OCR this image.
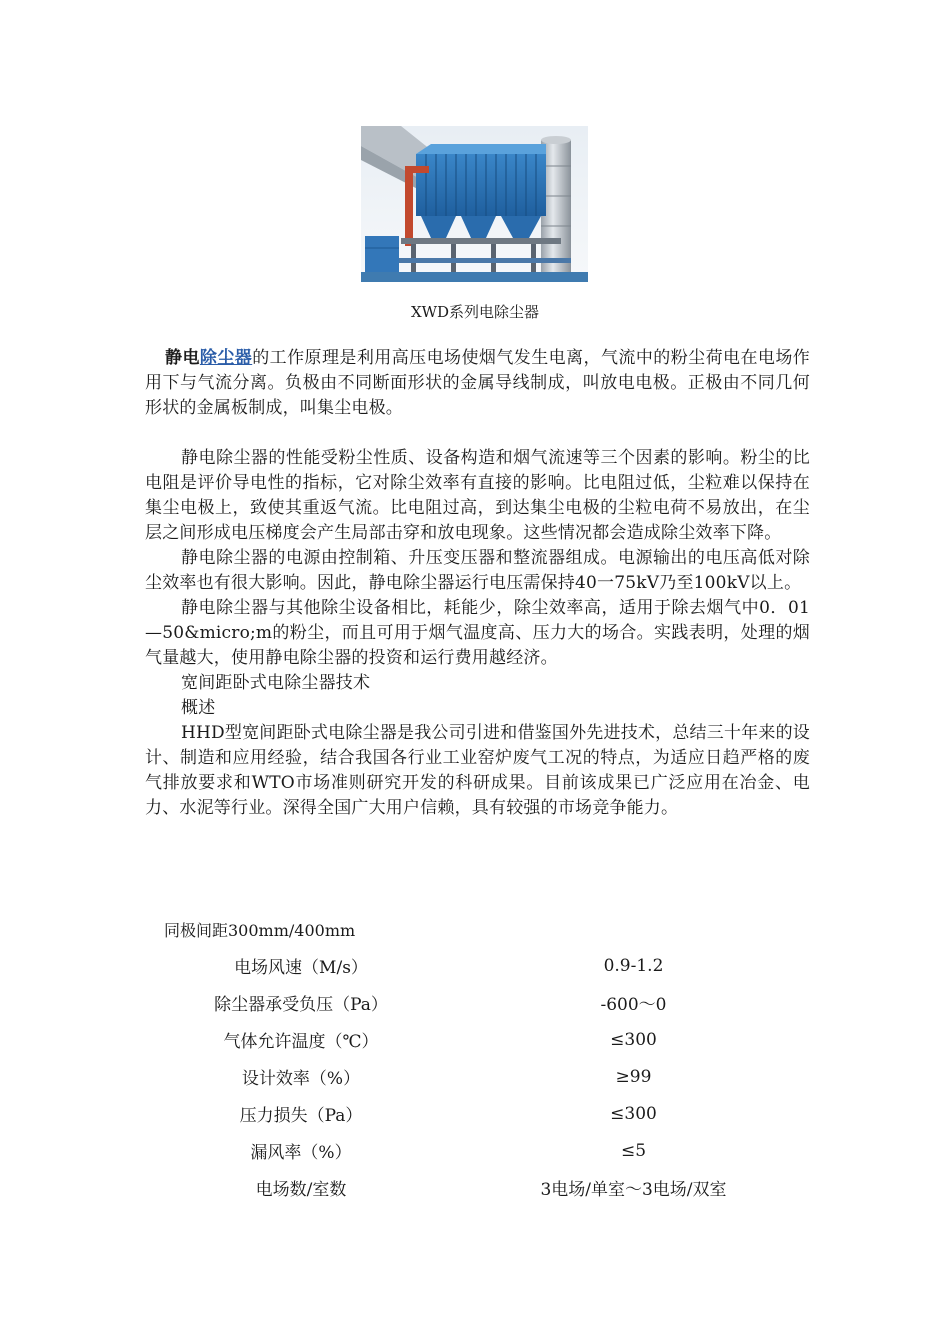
XWD系列电除尘器

静电除尘器的工作原理是利用高压电场使烟气发生电离，气流中的粉尘荷电在电场作用下与气流分离。负极由不同断面形状的金属导线制成，叫放电电极。正极由不同几何形状的金属板制成，叫集尘电极。

静电除尘器的性能受粉尘性质、设备构造和烟气流速等三个因素的影响。粉尘的比电阻是评价导电性的指标，它对除尘效率有直接的影响。比电阻过低，尘粒难以保持在集尘电极上，致使其重返气流。比电阻过高，到达集尘电极的尘粒电荷不易放出，在尘层之间形成电压梯度会产生局部击穿和放电现象。这些情况都会造成除尘效率下降。

静电除尘器的电源由控制箱、升压变压器和整流器组成。电源输出的电压高低对除尘效率也有很大影响。因此，静电除尘器运行电压需保持40一75kV乃至100kV以上。

静电除尘器与其他除尘设备相比，耗能少，除尘效率高，适用于除去烟气中0．01—50&micro;m的粉尘，而且可用于烟气温度高、压力大的场合。实践表明，处理的烟气量越大，使用静电除尘器的投资和运行费用越经济。

宽间距卧式电除尘器技术

概述

HHD型宽间距卧式电除尘器是我公司引进和借鉴国外先进技术，总结三十年来的设计、制造和应用经验，结合我国各行业工业窑炉废气工况的特点，为适应日趋严格的废气排放要求和WTO市场准则研究开发的科研成果。目前该成果已广泛应用在冶金、电力、水泥等行业。深得全国广大用户信赖，具有较强的市场竞争能力。

同极间距300mm/400mm
电场风速（M/s）	0.9-1.2
除尘器承受负压（Pa）	-600～0
气体允许温度（℃）	≤300
设计效率（%）	≥99
压力损失（Pa）	≤300
漏风率（%）	≤5
电场数/室数	3电场/单室～3电场/双室
